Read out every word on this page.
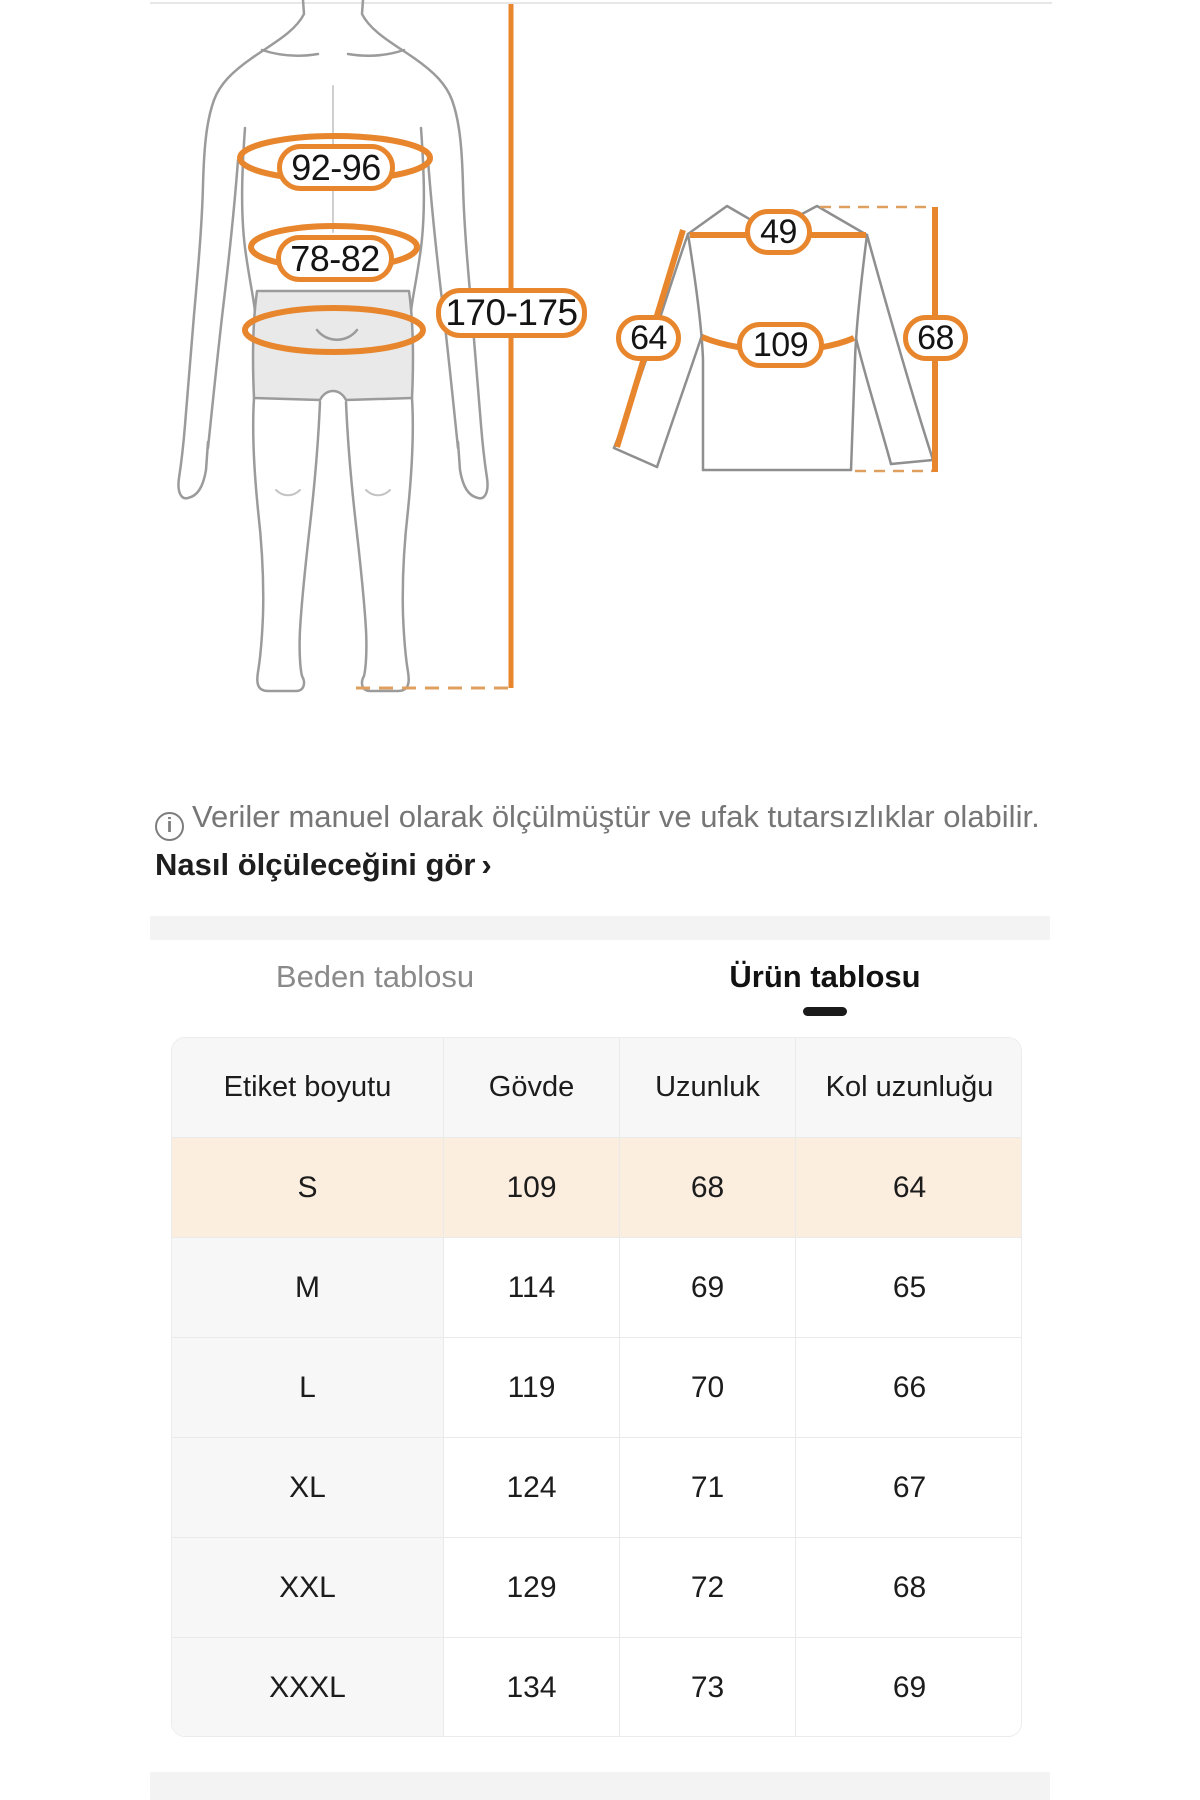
92-96
78-82
170-175
49
64	109	68
i Veriler manuel olarak ölçülmüştür ve ufak tutarsızlıklar olabilir. Nasıl ölçüleceğini gör ›
Beden tablosu	Ürün tablosu
Etiket boyutu	Gövde	Uzunluk	Kol uzunluğu
S	109	68	64
M	114	69	65
L	119	70	66
XL	124	71	67
XXL	129	72	68
XXXL	134	73	69
